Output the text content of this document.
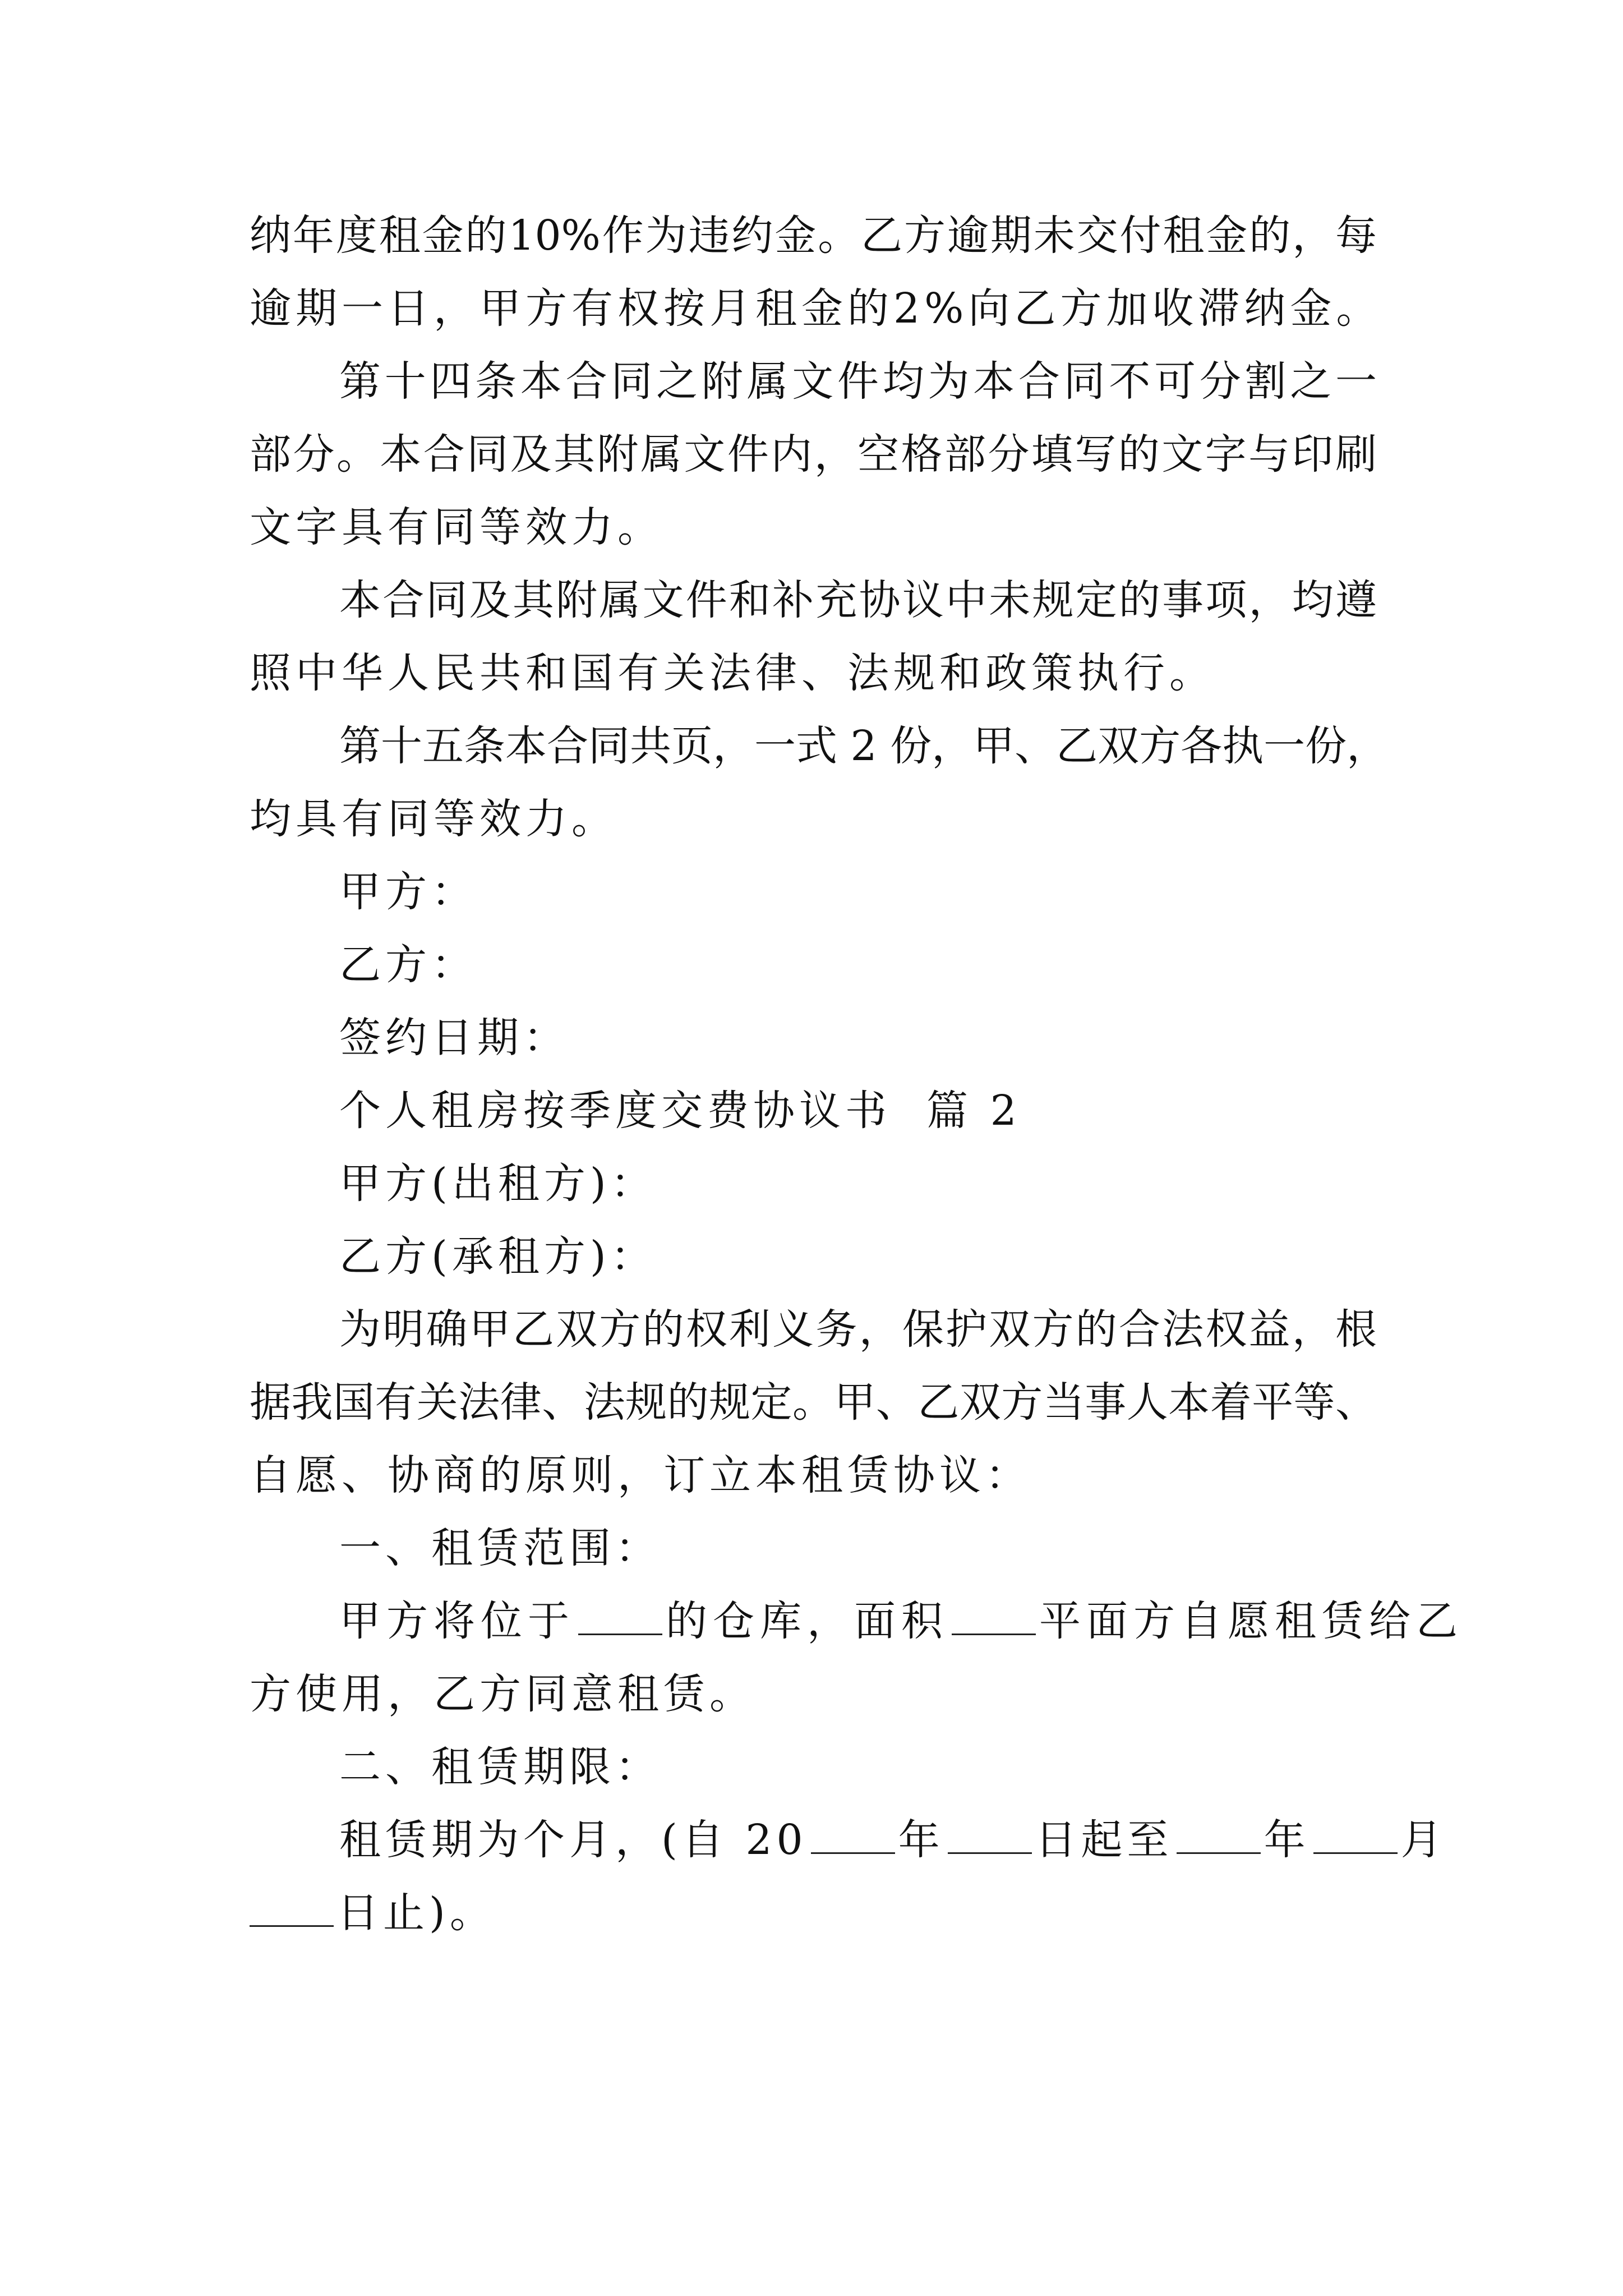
纳年度租金的10%作为违约金。乙方逾期未交付租金的，每
逾期一日，甲方有权按月租金的2%向乙方加收滞纳金。
第十四条本合同之附属文件均为本合同不可分割之一
部分。本合同及其附属文件内，空格部分填写的文字与印刷
文字具有同等效力。
本合同及其附属文件和补充协议中未规定的事项，均遵
照中华人民共和国有关法律、法规和政策执行。
第十五条本合同共页，一式 2 份，甲、乙双方各执一份，
均具有同等效力。
甲方：
乙方：
签约日期：
个人租房按季度交费协议书  篇 2
甲方(出租方)：
乙方(承租方)：
为明确甲乙双方的权利义务，保护双方的合法权益，根
据我国有关法律、法规的规定。甲、乙双方当事人本着平等、
自愿、协商的原则，订立本租赁协议：
一、租赁范围：
甲方将位于 的仓库，面积 平面方自愿租赁给乙
方使用，乙方同意租赁。
二、租赁期限：
租赁期为个月，(自 20 年 日起至 年 月
日止)。
